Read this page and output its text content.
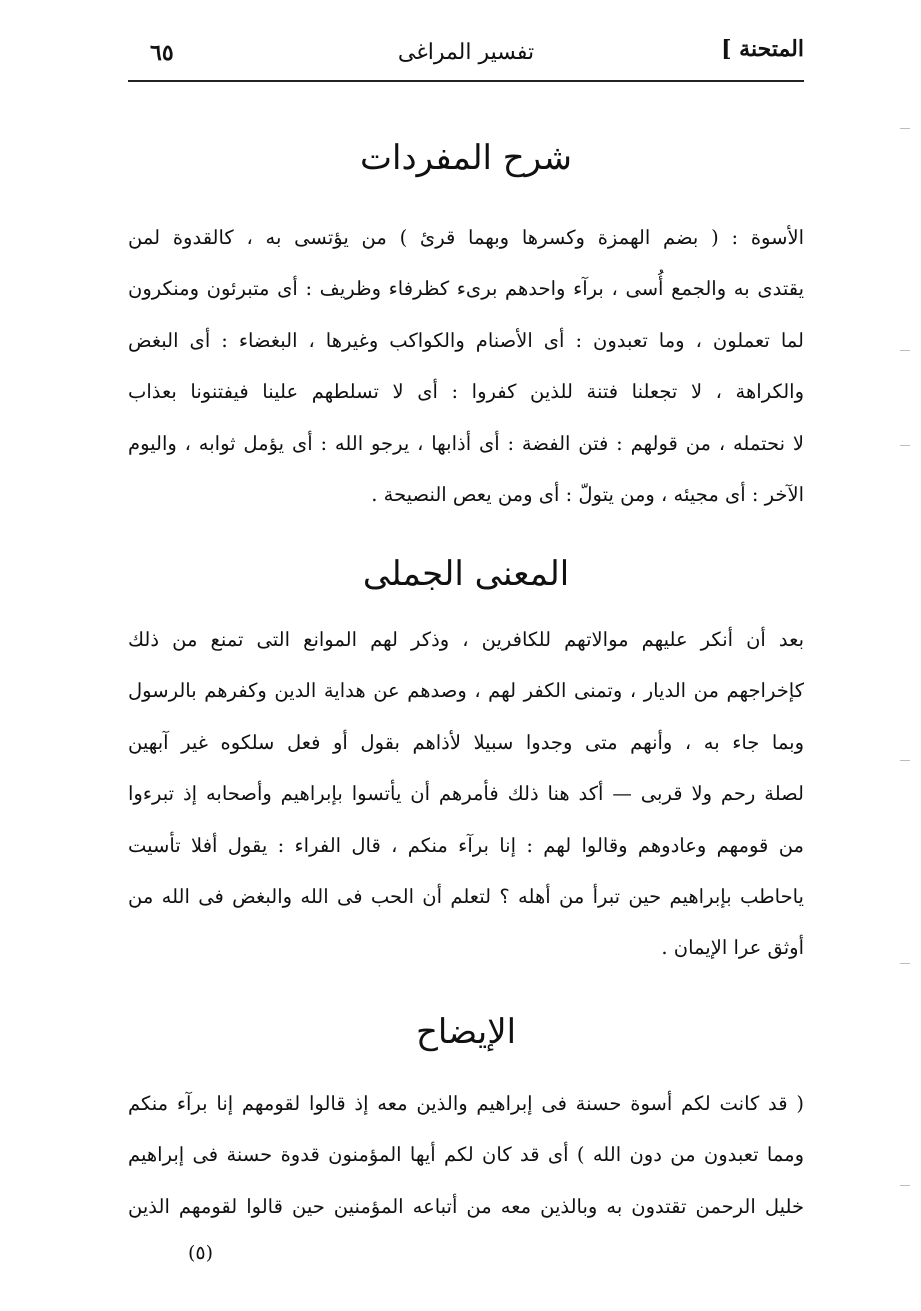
٦٥	تفسير المراغى	المتحنة ]
شرح المفردات
الأسوة : ( بضم الهمزة وكسرها وبهما قرئ ) من يؤتسى به ، كالقدوة لمن
يقتدى به والجمع أُسى ، برآء واحدهم برىء كظرفاء وظريف : أى متبرئون ومنكرون
لما تعملون ، وما تعبدون : أى الأصنام والكواكب وغيرها ، البغضاء : أى البغض
والكراهة ، لا تجعلنا فتنة للذين كفروا : أى لا تسلطهم علينا فيفتنونا بعذاب
لا نحتمله ، من قولهم : فتن الفضة : أى أذابها ، يرجو الله : أى يؤمل ثوابه ، واليوم
الآخر : أى مجيئه ، ومن يتولّ : أى ومن يعص النصيحة .
المعنى الجملى
بعد أن أنكر عليهم موالاتهم للكافرين ، وذكر لهم الموانع التى تمنع من ذلك
كإخراجهم من الديار ، وتمنى الكفر لهم ، وصدهم عن هداية الدين وكفرهم بالرسول
وبما جاء به ، وأنهم متى وجدوا سبيلا لأذاهم بقول أو فعل سلكوه غير آبهين
لصلة رحم ولا قربى — أكد هنا ذلك فأمرهم أن يأتسوا بإبراهيم وأصحابه إذ تبرءوا
من قومهم وعادوهم وقالوا لهم : إنا برآء منكم ، قال الفراء : يقول أفلا تأسيت
ياحاطب بإبراهيم حين تبرأ من أهله ؟ لتعلم أن الحب فى الله والبغض فى الله من
أوثق عرا الإيمان .
الإيضاح
( قد كانت لكم أسوة حسنة فى إبراهيم والذين معه إذ قالوا لقومهم إنا برآء منكم
ومما تعبدون من دون الله ) أى قد كان لكم أيها المؤمنون قدوة حسنة فى إبراهيم
خليل الرحمن تقتدون به وبالذين معه من أتباعه المؤمنين حين قالوا لقومهم الذين
(٥)
